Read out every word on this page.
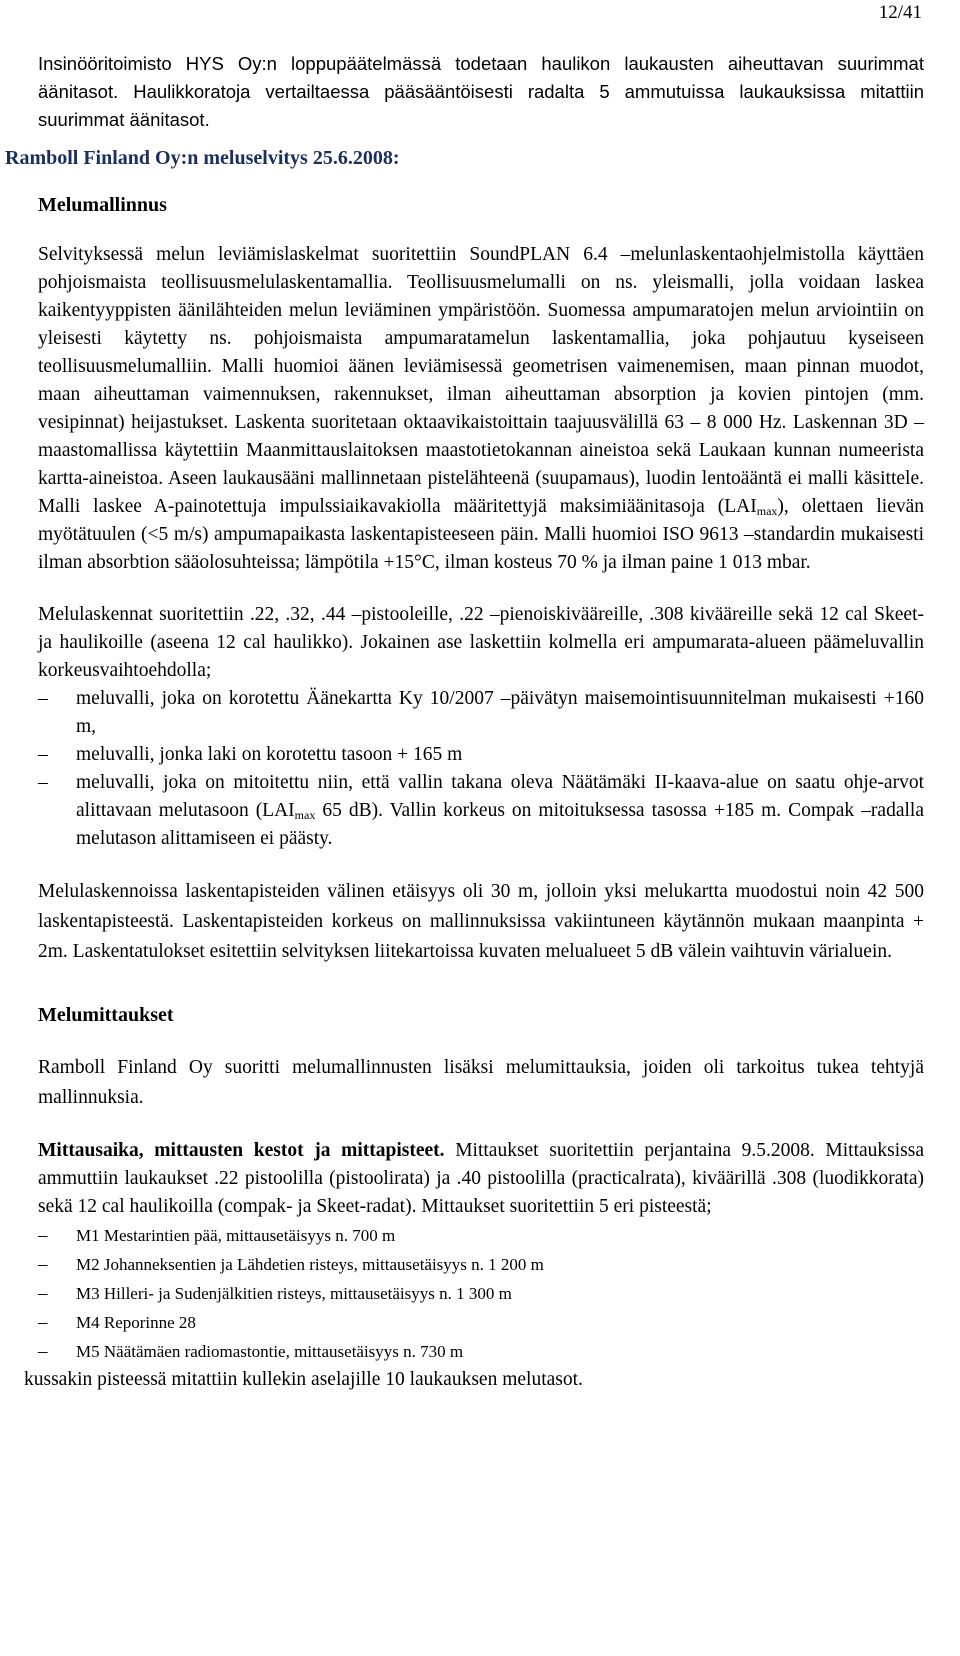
12/41

Insinööritoimisto HYS Oy:n loppupäätelmässä todetaan haulikon laukausten aiheuttavan suurimmat äänitasot. Haulikkoratoja vertailtaessa pääsääntöisesti radalta 5 ammutuissa laukauksissa mitattiin suurimmat äänitasot.

Ramboll Finland Oy:n meluselvitys 25.6.2008:

Melumallinnus

Selvityksessä melun leviämislaskelmat suoritettiin SoundPLAN 6.4 –melunlaskentaohjelmistolla käyttäen pohjoismaista teollisuusmelulaskentamallia. Teollisuusmelumalli on ns. yleismalli, jolla voidaan laskea kaikentyyppisten äänilähteiden melun leviäminen ympäristöön. Suomessa ampumaratojen melun arviointiin on yleisesti käytetty ns. pohjoismaista ampumaratamelun laskentamallia, joka pohjautuu kyseiseen teollisuusmelumalliin. Malli huomioi äänen leviämisessä geometrisen vaimenemisen, maan pinnan muodot, maan aiheuttaman vaimennuksen, rakennukset, ilman aiheuttaman absorption ja kovien pintojen (mm. vesipinnat) heijastukset. Laskenta suoritetaan oktaavikaistoittain taajuusvälillä 63 – 8 000 Hz. Laskennan 3D –maastomallissa käytettiin Maanmittauslaitoksen maastotietokannan aineistoa sekä Laukaan kunnan numeerista kartta-aineistoa. Aseen laukausääni mallinnetaan pistelähteenä (suupamaus), luodin lentoääntä ei malli käsittele. Malli laskee A-painotettuja impulssiaikavakiolla määritettyjä maksimiäänitasoja $(LAI_{max})$, olettaen lievän myötätuulen (<5 m/s) ampumapaikasta laskentapisteeseen päin. Malli huomioi ISO 9613 –standardin mukaisesti ilman absorbtion sääolosuhteissa; lämpötila +15°C, ilman kosteus 70 % ja ilman paine 1 013 mbar.

Melulaskennat suoritettiin .22, .32, .44 –pistooleille, .22 –pienoiskivääreille, .308 kivääreille sekä 12 cal Skeet- ja haulikoille (aseena 12 cal haulikko). Jokainen ase laskettiin kolmella eri ampumarata-alueen päämeluvallin korkeusvaihtoehdolla;

– meluvalli, joka on korotettu Äänekartta Ky 10/2007 –päivätyn maisemointisuunnitelman mukaisesti +160 m,
– meluvalli, jonka laki on korotettu tasoon + 165 m
– meluvalli, joka on mitoitettu niin, että vallin takana oleva Näätämäki II-kaava-alue on saatu ohje-arvot alittavaan melutasoon ($LAI_{max}$ 65 dB). Vallin korkeus on mitoituksessa tasossa +185 m. Compak –radalla melutason alittamiseen ei päästy.

Melulaskennoissa laskentapisteiden välinen etäisyys oli 30 m, jolloin yksi melukartta muodostui noin 42 500 laskentapisteestä. Laskentapisteiden korkeus on mallinnuksissa vakiintuneen käytännön mukaan maanpinta + 2m. Laskentatulokset esitettiin selvityksen liitekartoissa kuvaten melualueet 5 dB välein vaihtuvin värialuein.

Melumittaukset

Ramboll Finland Oy suoritti melumallinnusten lisäksi melumittauksia, joiden oli tarkoitus tukea tehtyjä mallinnuksia.

Mittausaika, mittausten kestot ja mittapisteet. Mittaukset suoritettiin perjantaina 9.5.2008. Mittauksissa ammuttiin laukaukset .22 pistoolilla (pistoolirata) ja .40 pistoolilla (practicalrata), kiväärillä .308 (luodikkorata) sekä 12 cal haulikoilla (compak- ja Skeet-radat). Mittaukset suoritettiin 5 eri pisteestä;

– M1 Mestarintien pää, mittausetäisyys n. 700 m
– M2 Johanneksentien ja Lähdetien risteys, mittausetäisyys n. 1 200 m
– M3 Hilleri- ja Sudenjälkitien risteys, mittausetäisyys n. 1 300 m
– M4 Reporinne 28
– M5 Näätämäen radiomastontie, mittausetäisyys n. 730 m

kussakin pisteessä mitattiin kullekin aselajille 10 laukauksen melutasot.
